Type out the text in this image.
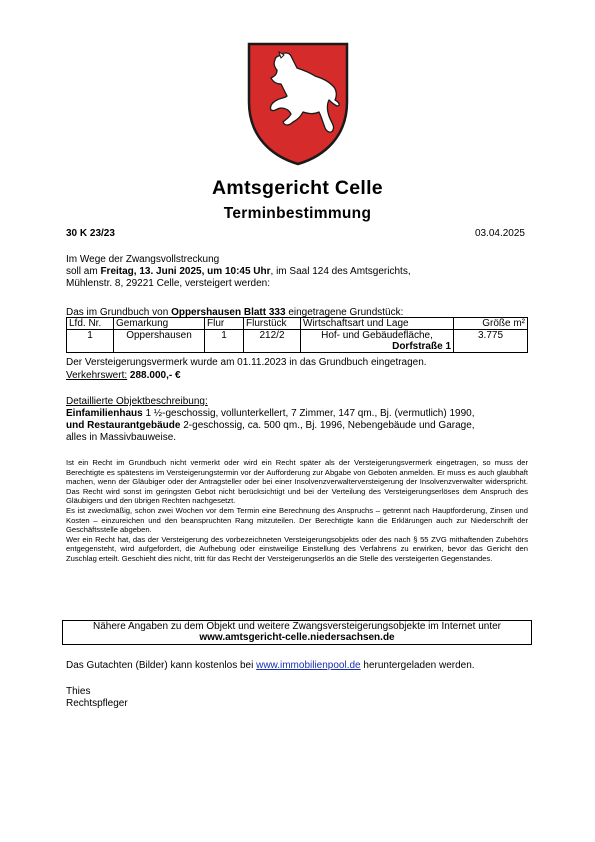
Amtsgericht Celle
Terminbestimmung
30 K 23/23	03.04.2025
Im Wege der Zwangsvollstreckung
soll am Freitag, 13. Juni 2025, um 10:45 Uhr, im Saal 124 des Amtsgerichts,
Mühlenstr. 8, 29221 Celle, versteigert werden:
Das im Grundbuch von Oppershausen Blatt 333 eingetragene Grundstück:
Lfd. Nr.	Gemarkung	Flur	Flurstück	Wirtschaftsart und Lage	Größe m²
1	Oppershausen	1	212/2	Hof- und Gebäudefläche,
Dorfstraße 1	3.775
Der Versteigerungsvermerk wurde am 01.11.2023 in das Grundbuch eingetragen.
Verkehrswert: 288.000,- €
Detaillierte Objektbeschreibung:
Einfamilienhaus 1 ½-geschossig, vollunterkellert, 7 Zimmer, 147 qm., Bj. (vermutlich) 1990,
und Restaurantgebäude 2-geschossig, ca. 500 qm., Bj. 1996, Nebengebäude und Garage,
alles in Massivbauweise.

Ist ein Recht im Grundbuch nicht vermerkt oder wird ein Recht später als der Versteigerungsvermerk eingetragen, so muss der Berechtigte es spätestens im Versteigerungstermin vor der Aufforderung zur Abgabe von Geboten anmelden. Er muss es auch glaubhaft machen, wenn der Gläubiger oder der Antragsteller oder bei einer Insolvenzverwalterversteigerung der Insolvenzverwalter widerspricht. Das Recht wird sonst im geringsten Gebot nicht berücksichtigt und bei der Verteilung des Versteigerungserlöses dem Anspruch des Gläubigers und den übrigen Rechten nachgesetzt.

Es ist zweckmäßig, schon zwei Wochen vor dem Termin eine Berechnung des Anspruchs – getrennt nach Hauptforderung, Zinsen und Kosten – einzureichen und den beanspruchten Rang mitzuteilen. Der Berechtigte kann die Erklärungen auch zur Niederschrift der Geschäftsstelle abgeben.

Wer ein Recht hat, das der Versteigerung des vorbezeichneten Versteigerungsobjekts oder des nach § 55 ZVG mithaftenden Zubehörs entgegensteht, wird aufgefordert, die Aufhebung oder einstweilige Einstellung des Verfahrens zu erwirken, bevor das Gericht den Zuschlag erteilt. Geschieht dies nicht, tritt für das Recht der Versteigerungserlös an die Stelle des versteigerten Gegenstandes.

Nähere Angaben zu dem Objekt und weitere Zwangsversteigerungsobjekte im Internet unter
www.amtsgericht-celle.niedersachsen.de
Das Gutachten (Bilder) kann kostenlos bei www.immobilienpool.de heruntergeladen werden.
Thies
Rechtspfleger
